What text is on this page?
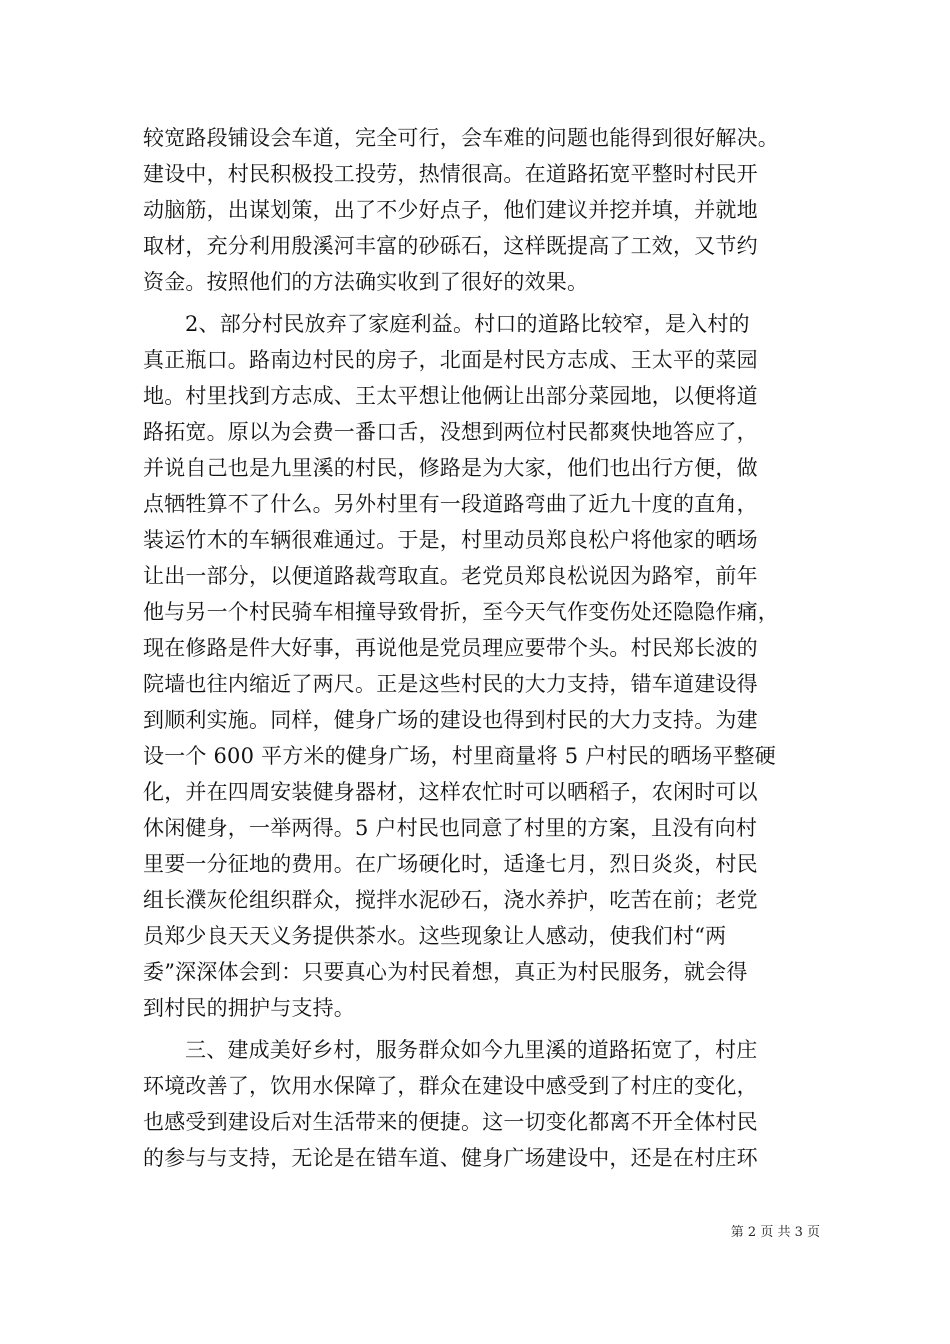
较宽路段铺设会车道，完全可行，会车难的问题也能得到很好解决。
建设中，村民积极投工投劳，热情很高。在道路拓宽平整时村民开
动脑筋，出谋划策，出了不少好点子，他们建议并挖并填，并就地
取材，充分利用殷溪河丰富的砂砾石，这样既提高了工效，又节约
资金。按照他们的方法确实收到了很好的效果。
2、部分村民放弃了家庭利益。村口的道路比较窄，是入村的
真正瓶口。路南边村民的房子，北面是村民方志成、王太平的菜园
地。村里找到方志成、王太平想让他俩让出部分菜园地，以便将道
路拓宽。原以为会费一番口舌，没想到两位村民都爽快地答应了，
并说自己也是九里溪的村民，修路是为大家，他们也出行方便，做
点牺牲算不了什么。另外村里有一段道路弯曲了近九十度的直角，
装运竹木的车辆很难通过。于是，村里动员郑良松户将他家的晒场
让出一部分，以便道路裁弯取直。老党员郑良松说因为路窄，前年
他与另一个村民骑车相撞导致骨折，至今天气作变伤处还隐隐作痛，
现在修路是件大好事，再说他是党员理应要带个头。村民郑长波的
院墙也往内缩近了两尺。正是这些村民的大力支持，错车道建设得
到顺利实施。同样，健身广场的建设也得到村民的大力支持。为建
设一个 600 平方米的健身广场，村里商量将 5 户村民的晒场平整硬
化，并在四周安装健身器材，这样农忙时可以晒稻子，农闲时可以
休闲健身，一举两得。5 户村民也同意了村里的方案，且没有向村
里要一分征地的费用。在广场硬化时，适逢七月，烈日炎炎，村民
组长濮灰伦组织群众，搅拌水泥砂石，浇水养护，吃苦在前；老党
员郑少良天天义务提供茶水。这些现象让人感动，使我们村“两
委”深深体会到：只要真心为村民着想，真正为村民服务，就会得
到村民的拥护与支持。
三、建成美好乡村，服务群众如今九里溪的道路拓宽了，村庄
环境改善了，饮用水保障了，群众在建设中感受到了村庄的变化，
也感受到建设后对生活带来的便捷。这一切变化都离不开全体村民
的参与与支持，无论是在错车道、健身广场建设中，还是在村庄环
第 2 页 共 3 页
